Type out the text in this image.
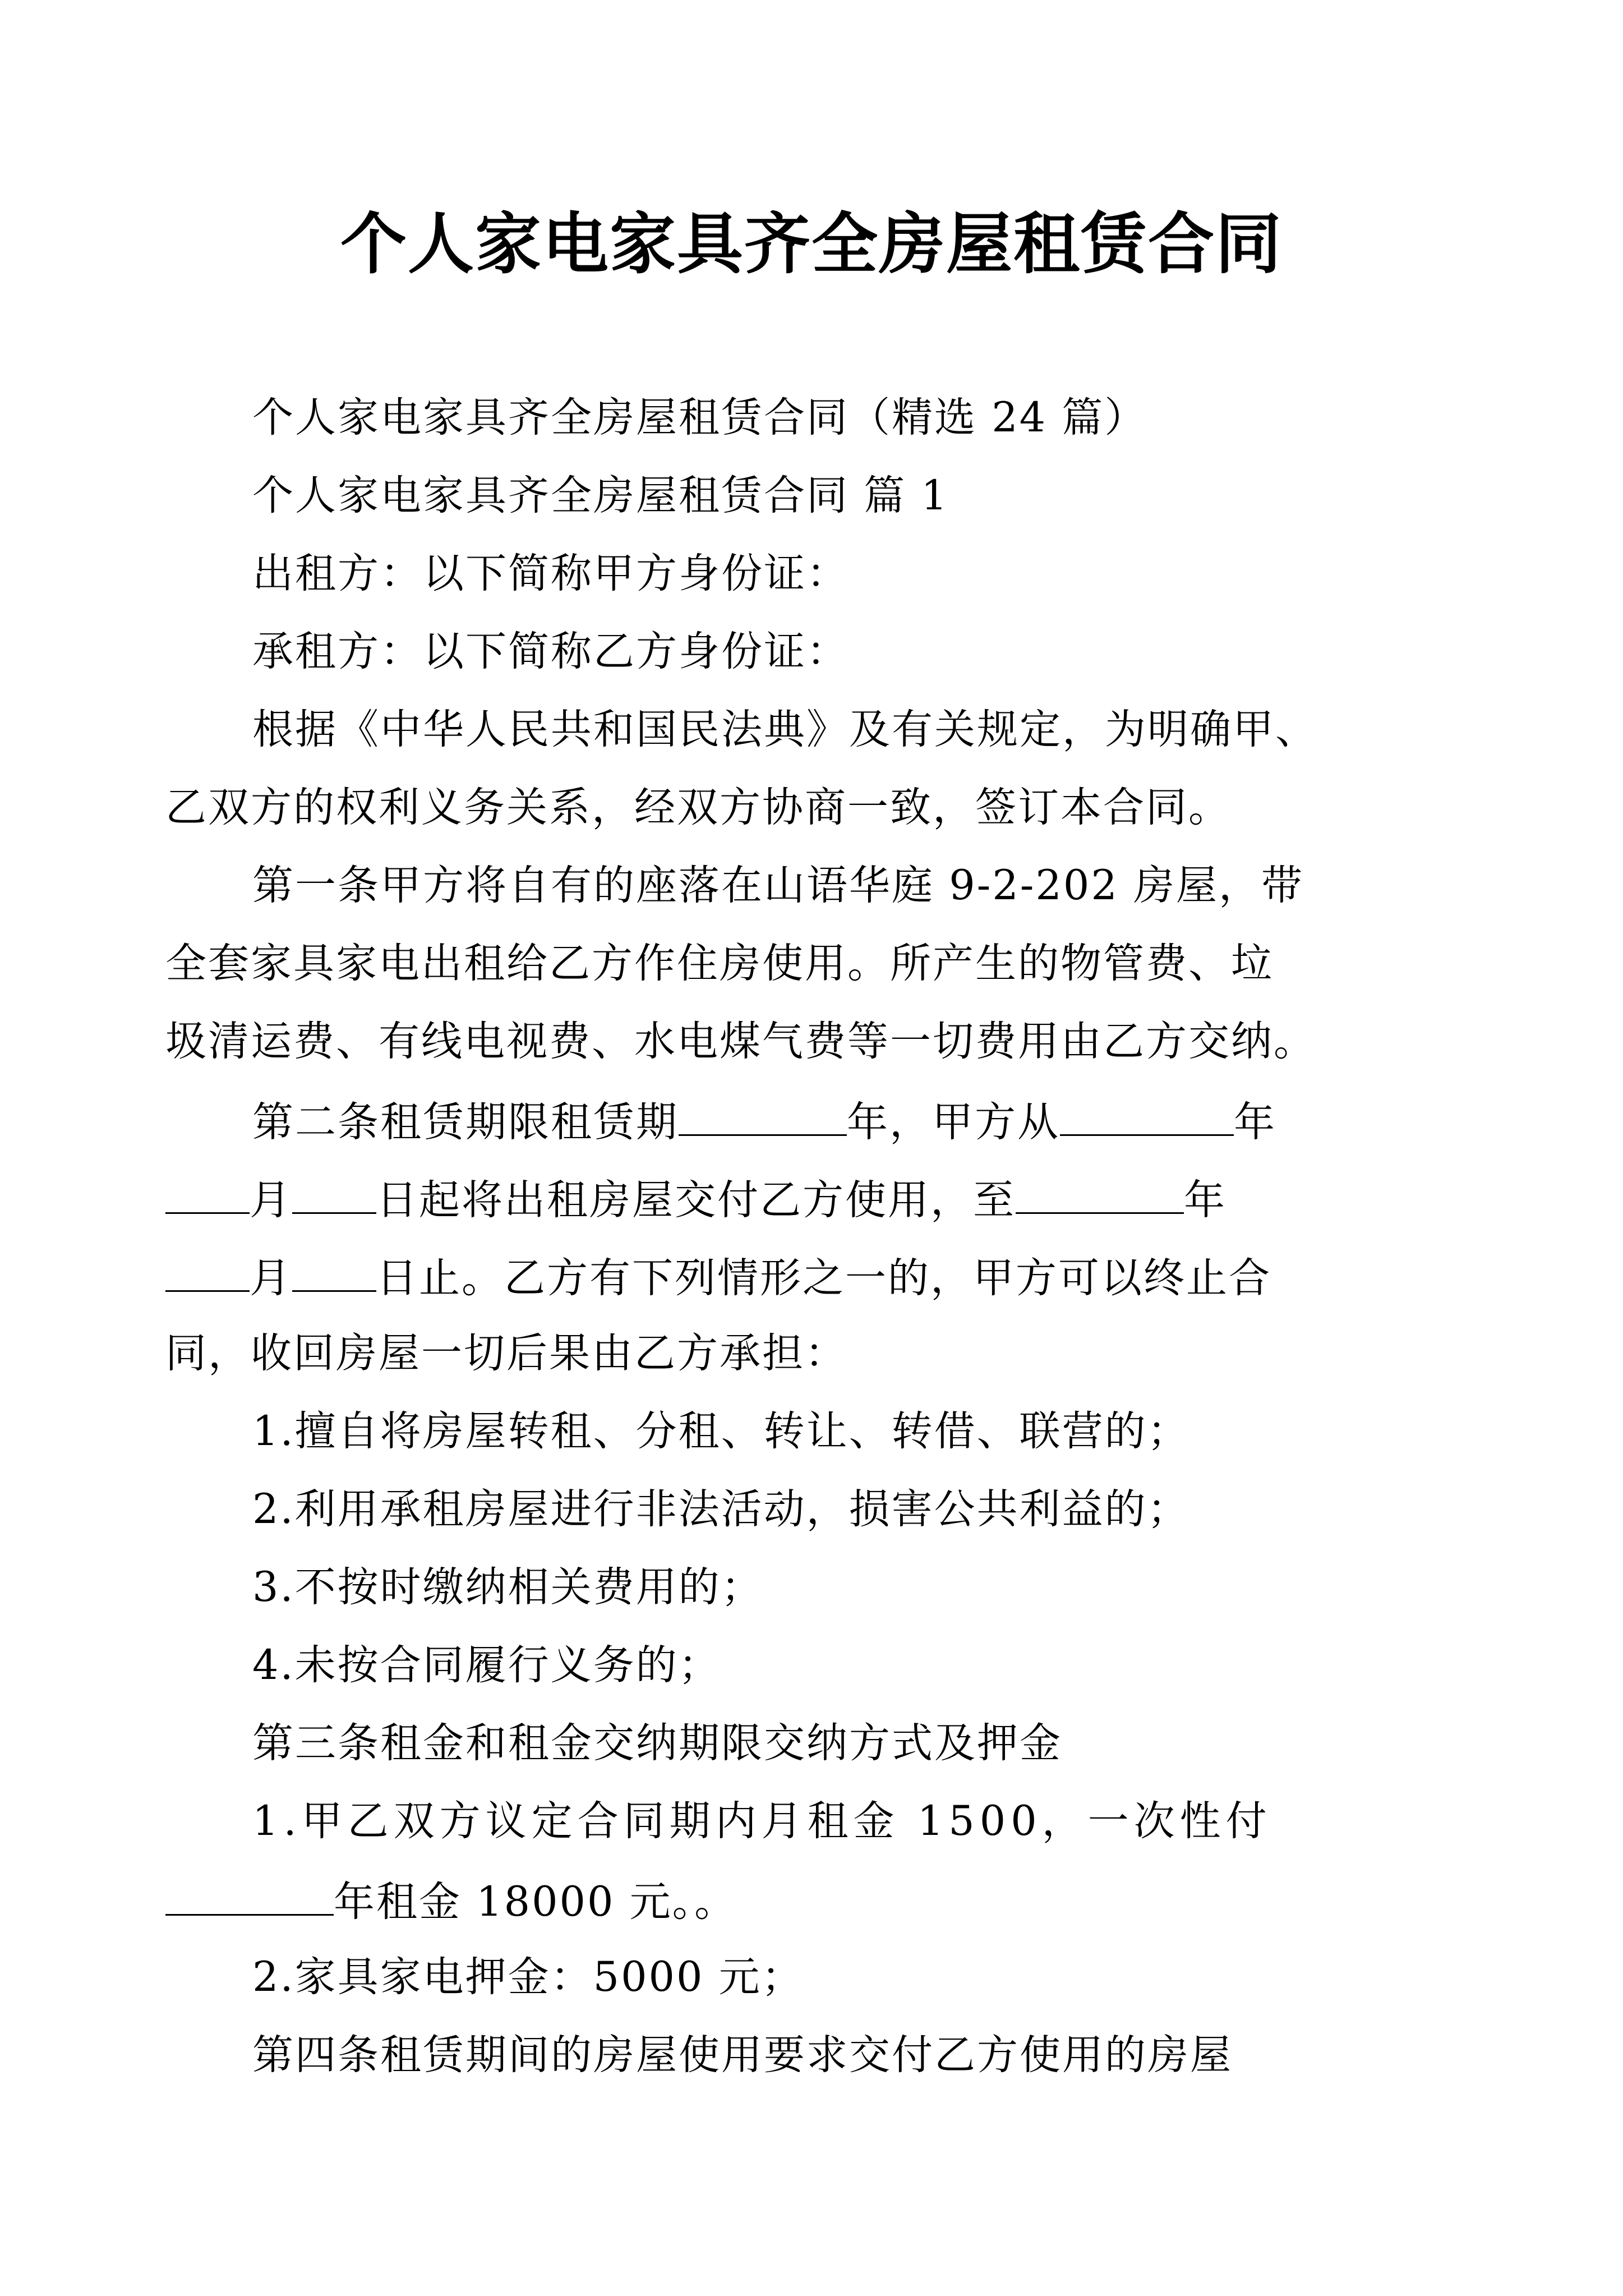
个人家电家具齐全房屋租赁合同
个人家电家具齐全房屋租赁合同（精选 24 篇）
个人家电家具齐全房屋租赁合同 篇 1
出租方：以下简称甲方身份证：
承租方：以下简称乙方身份证：
根据《中华人民共和国民法典》及有关规定，为明确甲、
乙双方的权利义务关系，经双方协商一致，签订本合同。
第一条甲方将自有的座落在山语华庭 9-2-202 房屋，带
全套家具家电出租给乙方作住房使用。所产生的物管费、垃
圾清运费、有线电视费、水电煤气费等一切费用由乙方交纳。
第二条租赁期限租赁期	年，甲方从	年
月 日起将出租房屋交付乙方使用，至	年
月 日止。乙方有下列情形之一的，甲方可以终止合
同，收回房屋一切后果由乙方承担：
1.擅自将房屋转租、分租、转让、转借、联营的；
2.利用承租房屋进行非法活动，损害公共利益的；
3.不按时缴纳相关费用的；
4.未按合同履行义务的；
第三条租金和租金交纳期限交纳方式及押金
1.甲乙双方议定合同期内月租金 1500，一次性付
年租金 18000 元。。
2.家具家电押金：5000 元；
第四条租赁期间的房屋使用要求交付乙方使用的房屋
